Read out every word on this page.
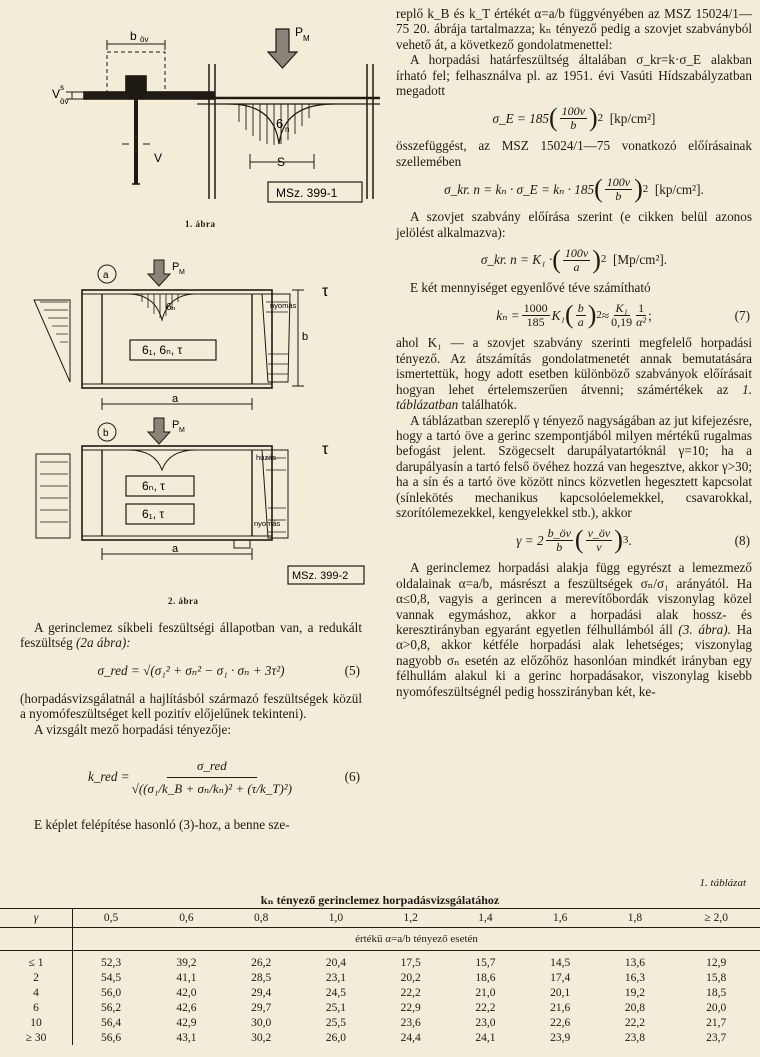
b öv
V s
öv
V
P M
6 n
S
MSz. 399-1
1. ábra
a
P M
6₁, 6ₙ, τ
6ₙ	nyomás
τ
b
a
b
P M
6ₙ, τ
6₁, τ
húzás	τ
nyomás
a
MSz. 399-2
2. ábra

A gerinclemez síkbeli feszültségi állapotban van, a redukált feszültség (2a ábra):

σ_red = √(σ₁² + σₙ² − σ₁ · σₙ + 3τ²)	(5)

(horpadásvizsgálatnál a hajlításból származó feszültségek közül a nyomófeszültséget kell pozitív előjelűnek tekinteni).

A vizsgált mező horpadási tényezője:

k_red = $\frac{\text{σ\_red}}{\text{√((σ₁/k\_B + σₙ/kₙ)² + (τ/k\_T)²)}}$	(6)

E képlet felépítése hasonló (3)-hoz, a benne sze-

replő k_B és k_T értékét α=a/b függvényében az MSZ 15024/1—75 20. ábrája tartalmazza; kₙ tényező pedig a szovjet szabványból vehető át, a következő gondolatmenettel:

A horpadási határfeszültség általában σ_kr=k·σ_E alakban írható fel; felhasználva pl. az 1951. évi Vasúti Hídszabályzatban megadott

σ_E = 185 ( $\frac{100v}{b}$ ) 2
[kp/cm²]

összefüggést, az MSZ 15024/1—75 vonatkozó előírásainak szellemében

σ_kr. n = kₙ · σ_E = kₙ · 185 ( $\frac{100v}{b}$ ) 2
[kp/cm²].

A szovjet szabvány előírása szerint (e cikken belül azonos jelölést alkalmazva):

σ_kr. n = K₁ · ( $\frac{100v}{a}$ ) 2
[Mp/cm²].

E két mennyiséget egyenlővé téve számítható

$k_n = \frac{1000}{185} K_1$ ( $\frac{b}{a}$ ) $2 \approx \frac{\text{K₁}}{0,19} \frac{1}{\text{α²}}$ ;	(7)

ahol K₁ — a szovjet szabvány szerinti megfelelő horpadási tényező. Az átszámítás gondolatmenetét annak bemutatására ismertettük, hogy adott esetben különböző szabványok előírásait hogyan lehet értelemszerűen átvenni; számértékek az 1. táblázatban találhatók.

A táblázatban szereplő γ tényező nagyságában az jut kifejezésre, hogy a tartó öve a gerinc szempontjából milyen mértékű rugalmas befogást jelent. Szögecselt darupályatartóknál γ=10; ha a darupályasín a tartó felső övéhez hozzá van hegesztve, akkor γ>30; ha a sín és a tartó öve között nincs közvetlen hegesztett kapcsolat (sínlekötés mechanikus kapcsolóelemekkel, csavarokkal, szorítólemezekkel, kengyelekkel stb.), akkor

$\gamma = 2 \frac{b\_öv}{b}$ ( $\frac{v\_öv}{v}$ ) 3 .	(8)

A gerinclemez horpadási alakja függ egyrészt a lemezmező oldalainak α=a/b, másrészt a feszültségek σₙ/σ₁ arányától. Ha α≤0,8, vagyis a gerincen a merevítőbordák viszonylag közel vannak egymáshoz, akkor a horpadási alak hossz- és keresztirányban egyaránt egyetlen félhullámból áll (3. ábra). Ha α>0,8, akkor kétféle horpadási alak lehetséges; viszonylag nagyobb σₙ esetén az előzőhöz hasonlóan mindkét irányban egy félhullám alakul ki a gerinc horpadásakor, viszonylag kisebb nyomófeszültségnél pedig hosszirányban két, ke-

1. táblázat
kₙ tényező gerinclemez horpadásvizsgálatához
γ	0,5	0,6	0,8	1,0	1,2	1,4	1,6	1,8	≥ 2,0
	értékű α=a/b tényező esetén								
≤ 1	52,3	39,2	26,2	20,4	17,5	15,7	14,5	13,6	12,9
2	54,5	41,1	28,5	23,1	20,2	18,6	17,4	16,3	15,8
4	56,0	42,0	29,4	24,5	22,2	21,0	20,1	19,2	18,5
6	56,2	42,6	29,7	25,1	22,9	22,2	21,6	20,8	20,0
10	56,4	42,9	30,0	25,5	23,6	23,0	22,6	22,2	21,7
≥ 30	56,6	43,1	30,2	26,0	24,4	24,1	23,9	23,8	23,7
